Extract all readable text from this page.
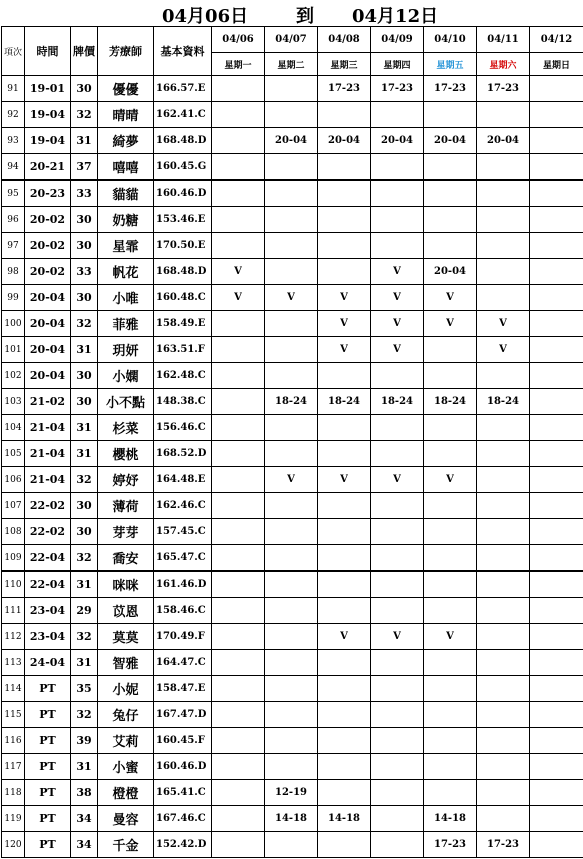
04月06日	到 04月12日
項次	時間	牌價	芳療師	基本資料	04/06	04/07	04/08	04/09	04/10	04/11	04/12
					星期一	星期二	星期三	星期四	星期五	星期六	星期日
91	19-01	30	優優	166.57.E			17-23	17-23	17-23	17-23	
92	19-04	32	晴晴	162.41.C							
93	19-04	31	綺夢	168.48.D		20-04	20-04	20-04	20-04	20-04	
94	20-21	37	嘻嘻	160.45.G							
95	20-23	33	貓貓	160.46.D							
96	20-02	30	奶糖	153.46.E							
97	20-02	30	星霏	170.50.E							
98	20-02	33	帆花	168.48.D	V			V	20-04		
99	20-04	30	小唯	160.48.C	V	V	V	V	V		
100	20-04	32	菲雅	158.49.E			V	V	V	V	
101	20-04	31	玥妍	163.51.F			V	V		V	
102	20-04	30	小嫻	162.48.C							
103	21-02	30	小不點	148.38.C		18-24	18-24	18-24	18-24	18-24	
104	21-04	31	杉菜	156.46.C							
105	21-04	31	櫻桃	168.52.D							
106	21-04	32	婷妤	164.48.E		V	V	V	V		
107	22-02	30	薄荷	162.46.C							
108	22-02	30	芽芽	157.45.C							
109	22-04	32	喬安	165.47.C							
110	22-04	31	咪咪	161.46.D							
111	23-04	29	苡恩	158.46.C							
112	23-04	32	莫莫	170.49.F			V	V	V		
113	24-04	31	智雅	164.47.C							
114	PT	35	小妮	158.47.E							
115	PT	32	兔仔	167.47.D							
116	PT	39	艾莉	160.45.F							
117	PT	31	小蜜	160.46.D							
118	PT	38	橙橙	165.41.C		12-19					
119	PT	34	曼容	167.46.C		14-18	14-18		14-18		
120	PT	34	千金	152.42.D					17-23	17-23	
